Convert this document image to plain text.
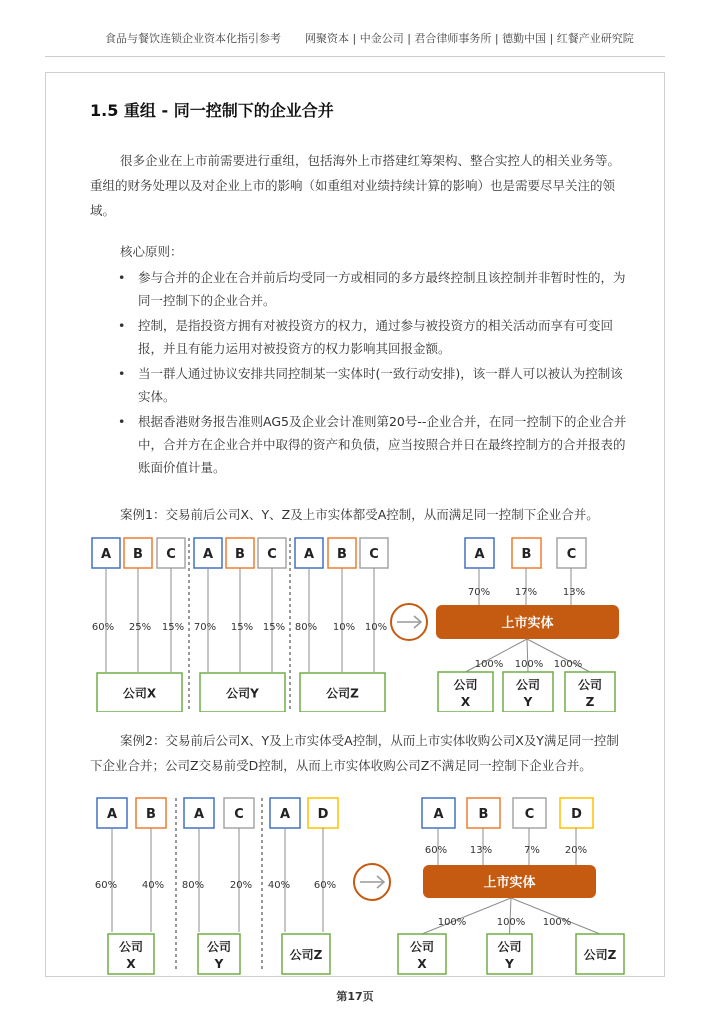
食品与餐饮连锁企业资本化指引参考 网聚资本 | 中金公司 | 君合律师事务所 | 德勤中国 | 红餐产业研究院
1.5 重组 - 同一控制下的企业合并
很多企业在上市前需要进行重组，包括海外上市搭建红筹架构、整合实控人的相关业务等。重组的财务处理以及对企业上市的影响（如重组对业绩持续计算的影响）也是需要尽早关注的领域。
核心原则：
• 参与合并的企业在合并前后均受同一方或相同的多方最终控制且该控制并非暂时性的，为同一控制下的企业合并。
• 控制，是指投资方拥有对被投资方的权力，通过参与被投资方的相关活动而享有可变回报，并且有能力运用对被投资方的权力影响其回报金额。
• 当一群人通过协议安排共同控制某一实体时(一致行动安排)，该一群人可以被认为控制该实体。
• 根据香港财务报告准则AG5及企业会计准则第20号--企业合并，在同一控制下的企业合并中，合并方在企业合并中取得的资产和负债，应当按照合并日在最终控制方的合并报表的账面价值计量。
案例1：交易前后公司X、Y、Z及上市实体都受A控制，从而满足同一控制下企业合并。
A
60%
B
25%
C
15%
公司X
A
70%
B
15%
C
15%
公司Y
A
80%
B
10%
C
10%
公司Z
A	B	C
70% 17%	13%
上市实体
公司
X
公司
Y
公司
Z
100% 100% 100%
案例2：交易前后公司X、Y及上市实体受A控制，从而上市实体收购公司X及Y满足同一控制下企业合并；公司Z交易前受D控制，从而上市实体收购公司Z不满足同一控制下企业合并。
A
60%
B
40%
公司
X
A
80%
C
20%
公司
Y
A
40%
D
60%
公司Z
A	B	C	D
60% 13%	7% 20%
上市实体
公司
X
公司
Y
公司Z
100%	100% 100%
第17页
